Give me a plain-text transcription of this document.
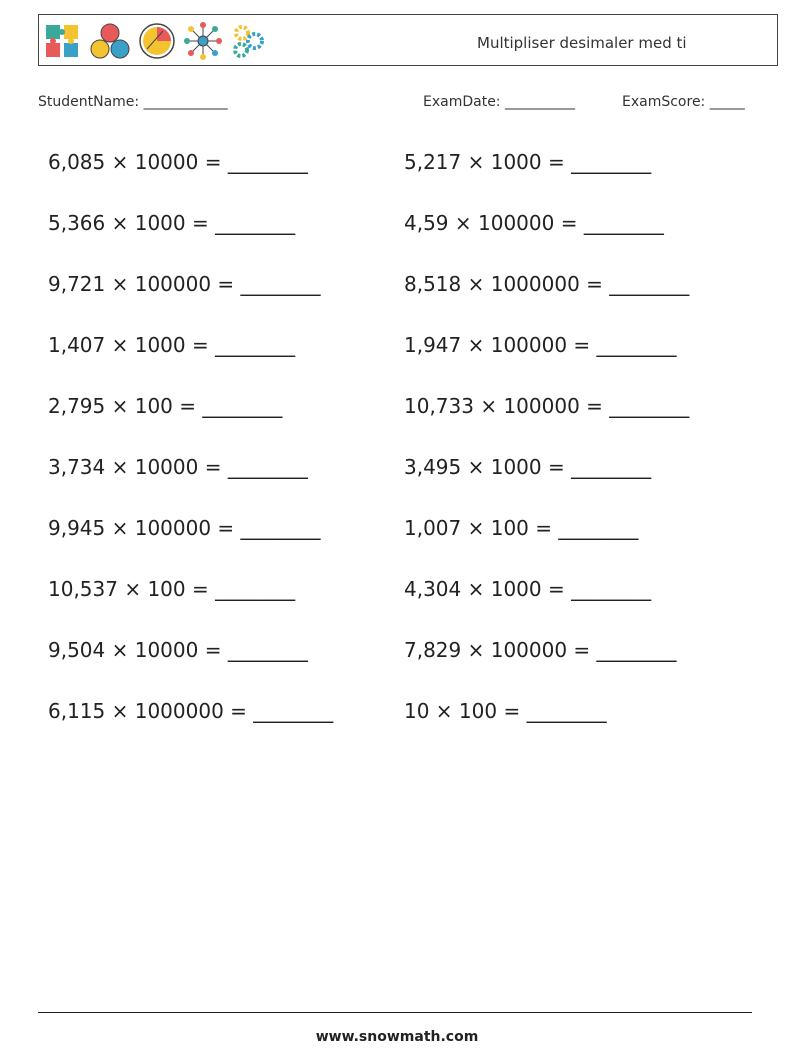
Multipliser desimaler med ti
StudentName: ____________	ExamDate: __________	ExamScore: _____
6,085 × 10000 = ________
5,366 × 1000 = ________
9,721 × 100000 = ________
1,407 × 1000 = ________
2,795 × 100 = ________
3,734 × 10000 = ________
9,945 × 100000 = ________
10,537 × 100 = ________
9,504 × 10000 = ________
6,115 × 1000000 = ________
5,217 × 1000 = ________
4,59 × 100000 = ________
8,518 × 1000000 = ________
1,947 × 100000 = ________
10,733 × 100000 = ________
3,495 × 1000 = ________
1,007 × 100 = ________
4,304 × 1000 = ________
7,829 × 100000 = ________
10 × 100 = ________
www.snowmath.com
